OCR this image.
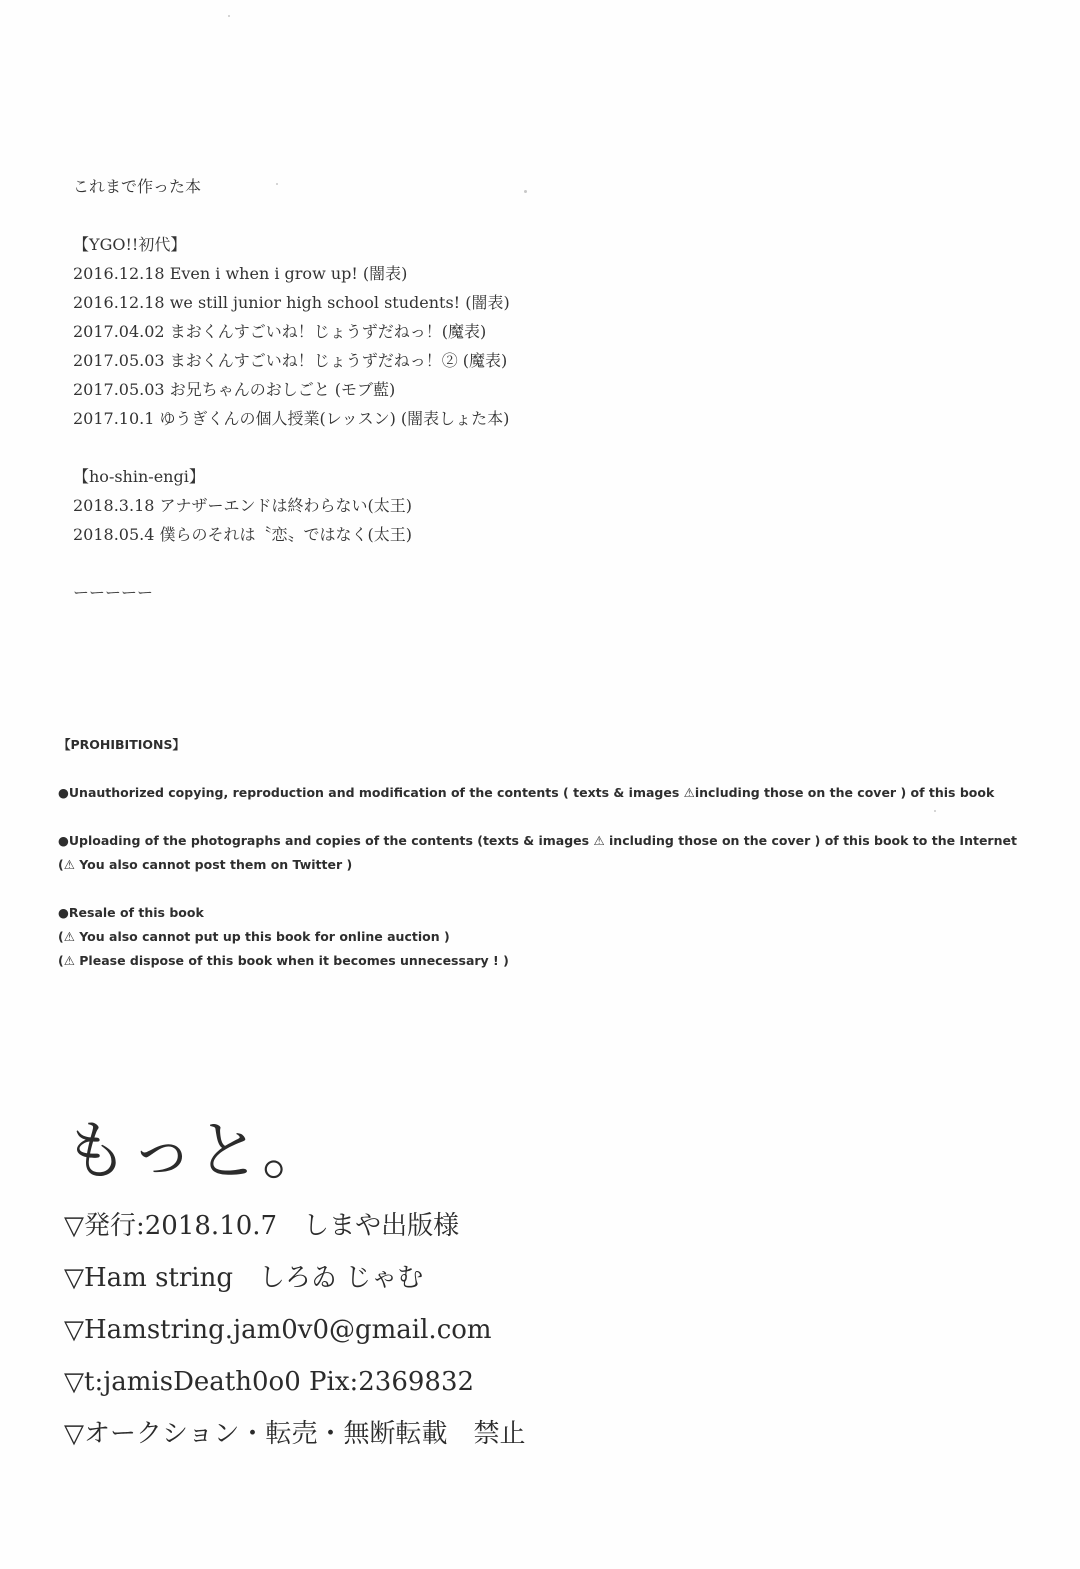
これまで作った本
【YGO!!初代】
2016.12.18 Even i when i grow up! (闇表)
2016.12.18 we still junior high school students! (闇表)
2017.04.02 まおくんすごいね！じょうずだねっ！(魔表)
2017.05.03 まおくんすごいね！じょうずだねっ！② (魔表)
2017.05.03 お兄ちゃんのおしごと (モブ藍)
2017.10.1 ゆうぎくんの個人授業(レッスン) (闇表しょた本)
【ho-shin-engi】
2018.3.18 アナザーエンドは終わらない(太王)
2018.05.4 僕らのそれは〝恋〟ではなく(太王)
ーーーーー
【PROHIBITIONS】
●Unauthorized copying, reproduction and modification of the contents ( texts & images ⚠including those on the cover ) of this book
●Uploading of the photographs and copies of the contents (texts & images ⚠ including those on the cover ) of this book to the Internet
(⚠ You also cannot post them on Twitter )
●Resale of this book
(⚠ You also cannot put up this book for online auction )
(⚠ Please dispose of this book when it becomes unnecessary ! )
もっと。
▽発行:2018.10.7　しまや出版様
▽Ham string　しろゐ じゃむ
▽Hamstring.jam0v0@gmail.com
▽t:jamisDeath0o0 Pix:2369832
▽オークション・転売・無断転載　禁止
